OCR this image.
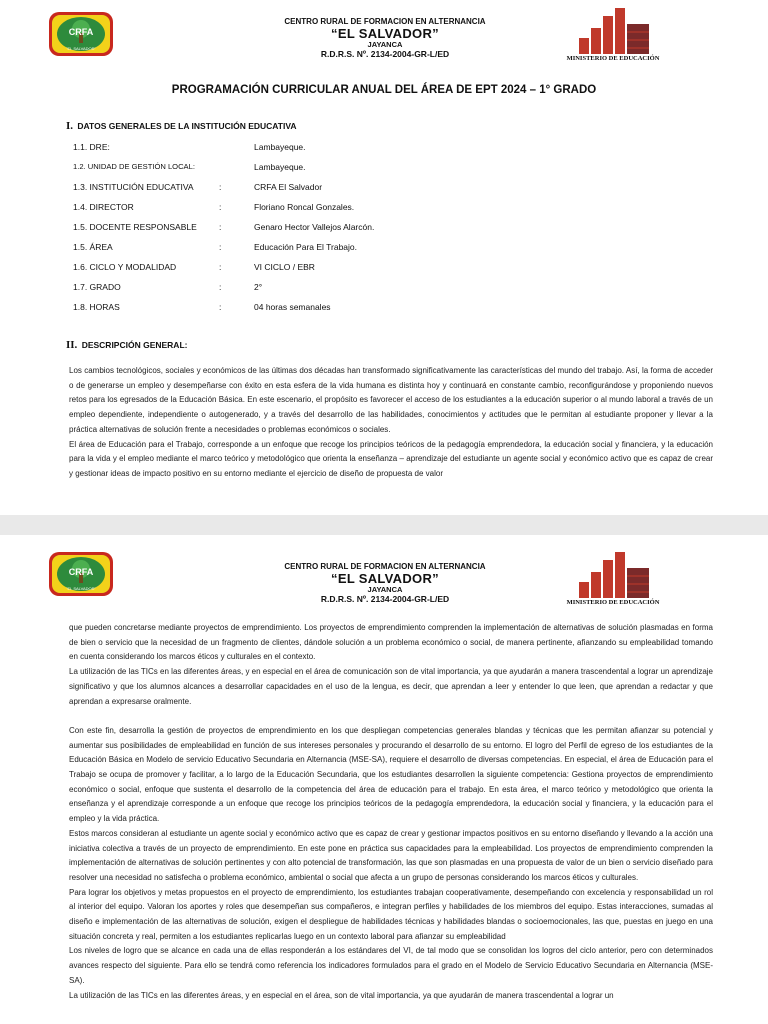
CRFA
"EL SALVADOR"
CENTRO RURAL DE FORMACION EN ALTERNANCIA
“EL SALVADOR”
JAYANCA
R.D.R.S. Nº. 2134-2004-GR-L/ED	MINISTERIO DE EDUCACIÓN
PROGRAMACIÓN CURRICULAR ANUAL DEL ÁREA DE EPT 2024 – 1° GRADO
I. DATOS GENERALES DE LA INSTITUCIÓN EDUCATIVA
1.1. DRE:	Lambayeque.
1.2. UNIDAD DE GESTIÓN LOCAL:	Lambayeque.
1.3. INSTITUCIÓN EDUCATIVA	:	CRFA El Salvador
1.4. DIRECTOR	:	Floriano Roncal Gonzales.
1.5. DOCENTE RESPONSABLE	:	Genaro Hector Vallejos Alarcón.
1.5. ÁREA	:	Educación Para El Trabajo.
1.6. CICLO Y MODALIDAD	:	VI CICLO / EBR
1.7. GRADO	:	2°
1.8. HORAS	:	04 horas semanales
II. DESCRIPCIÓN GENERAL:

Los cambios tecnológicos, sociales y económicos de las últimas dos décadas han transformado significativamente las características del mundo del trabajo. Así, la forma de acceder o de generarse un empleo y desempeñarse con éxito en esta esfera de la vida humana es distinta hoy y continuará en constante cambio, reconfigurándose y proponiendo nuevos retos para los egresados de la Educación Básica. En este escenario, el propósito es favorecer el acceso de los estudiantes a la educación superior o al mundo laboral a través de un empleo dependiente, independiente o autogenerado, y a través del desarrollo de las habilidades, conocimientos y actitudes que le permitan al estudiante proponer y llevar a la práctica alternativas de solución frente a necesidades o problemas económicos o sociales.

El área de Educación para el Trabajo, corresponde a un enfoque que recoge los principios teóricos de la pedagogía emprendedora, la educación social y financiera, y la educación para la vida y el empleo mediante el marco teórico y metodológico que orienta la enseñanza – aprendizaje del estudiante un agente social y económico activo que es capaz de crear y gestionar ideas de impacto positivo en su entorno mediante el ejercicio de diseño de propuesta de valor

CRFA
"EL SALVADOR"
CENTRO RURAL DE FORMACION EN ALTERNANCIA
“EL SALVADOR”
JAYANCA
R.D.R.S. Nº. 2134-2004-GR-L/ED	MINISTERIO DE EDUCACIÓN

que pueden concretarse mediante proyectos de emprendimiento. Los proyectos de emprendimiento comprenden la implementación de alternativas de solución plasmadas en forma de bien o servicio que la necesidad de un fragmento de clientes, dándole solución a un problema económico o social, de manera pertinente, afianzando su empleabilidad tomando en cuenta considerando los marcos éticos y culturales en el contexto.

La utilización de las TICs en las diferentes áreas, y en especial en el área de comunicación son de vital importancia, ya que ayudarán a manera trascendental a lograr un aprendizaje significativo y que los alumnos alcances a desarrollar capacidades en el uso de la lengua, es decir, que aprendan a leer y entender lo que leen, que aprendan a redactar y que aprendan a expresarse oralmente.

Con este fin, desarrolla la gestión de proyectos de emprendimiento en los que despliegan competencias generales blandas y técnicas que les permitan afianzar su potencial y aumentar sus posibilidades de empleabilidad en función de sus intereses personales y procurando el desarrollo de su entorno. El logro del Perfil de egreso de los estudiantes de la Educación Básica en Modelo de servicio Educativo Secundaria en Alternancia (MSE-SA), requiere el desarrollo de diversas competencias. En especial, el área de Educación para el Trabajo se ocupa de promover y facilitar, a lo largo de la Educación Secundaria, que los estudiantes desarrollen la siguiente competencia: Gestiona proyectos de emprendimiento económico o social, enfoque que sustenta el desarrollo de la competencia del área de educación para el trabajo. En esta área, el marco teórico y metodológico que orienta la enseñanza y el aprendizaje corresponde a un enfoque que recoge los principios teóricos de la pedagogía emprendedora, la educación social y financiera, y la educación para el empleo y la vida práctica.

Estos marcos consideran al estudiante un agente social y económico activo que es capaz de crear y gestionar impactos positivos en su entorno diseñando y llevando a la acción una iniciativa colectiva a través de un proyecto de emprendimiento. En este pone en práctica sus capacidades para la empleabilidad. Los proyectos de emprendimiento comprenden la implementación de alternativas de solución pertinentes y con alto potencial de transformación, las que son plasmadas en una propuesta de valor de un bien o servicio diseñado para resolver una necesidad no satisfecha o problema económico, ambiental o social que afecta a un grupo de personas considerando los marcos éticos y culturales.

Para lograr los objetivos y metas propuestos en el proyecto de emprendimiento, los estudiantes trabajan cooperativamente, desempeñando con excelencia y responsabilidad un rol al interior del equipo. Valoran los aportes y roles que desempeñan sus compañeros, e integran perfiles y habilidades de los miembros del equipo. Estas interacciones, sumadas al diseño e implementación de las alternativas de solución, exigen el despliegue de habilidades técnicas y habilidades blandas o socioemocionales, las que, puestas en juego en una situación concreta y real, permiten a los estudiantes replicarlas luego en un contexto laboral para afianzar su empleabilidad

Los niveles de logro que se alcance en cada una de ellas responderán a los estándares del VI, de tal modo que se consolidan los logros del ciclo anterior, pero con determinados avances respecto del siguiente. Para ello se tendrá como referencia los indicadores formulados para el grado en el Modelo de Servicio Educativo Secundaria en Alternancia (MSE-SA).

La utilización de las TICs en las diferentes áreas, y en especial en el área, son de vital importancia, ya que ayudarán de manera trascendental a lograr un
